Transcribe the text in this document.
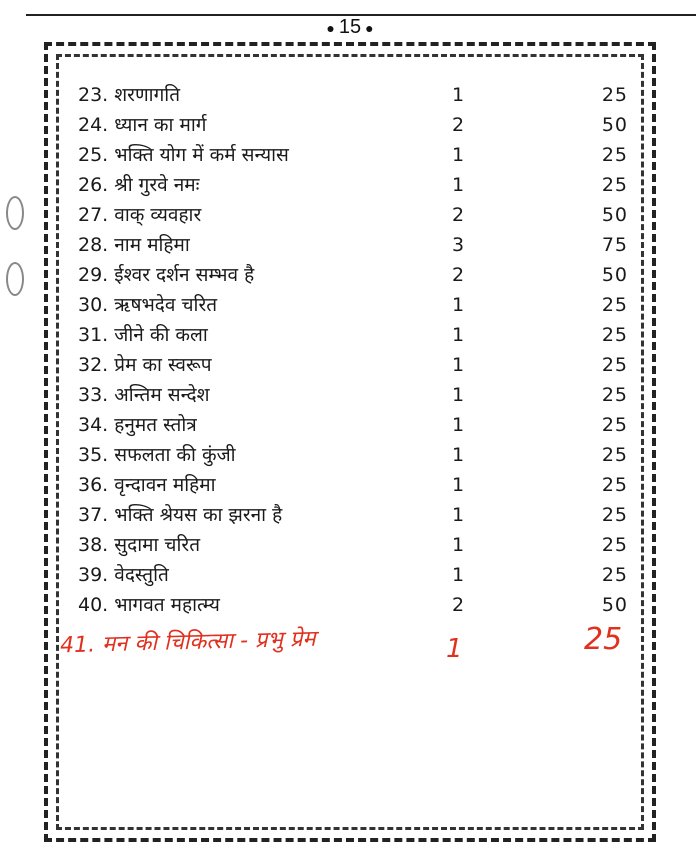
● 15 ●
23. शरणागति	1	25
24. ध्यान का मार्ग	2	50
25. भक्ति योग में कर्म सन्यास	1	25
26. श्री गुरवे नमः	1	25
27. वाक् व्यवहार	2	50
28. नाम महिमा	3	75
29. ईश्वर दर्शन सम्भव है	2	50
30. ऋषभदेव चरित	1	25
31. जीने की कला	1	25
32. प्रेम का स्वरूप	1	25
33. अन्तिम सन्देश	1	25
34. हनुमत स्तोत्र	1	25
35. सफलता की कुंजी	1	25
36. वृन्दावन महिमा	1	25
37. भक्ति श्रेयस का झरना है	1	25
38. सुदामा चरित	1	25
39. वेदस्तुति	1	25
40. भागवत महात्म्य	2	50
41. मन की चिकित्सा - प्रभु प्रेम	1	25
